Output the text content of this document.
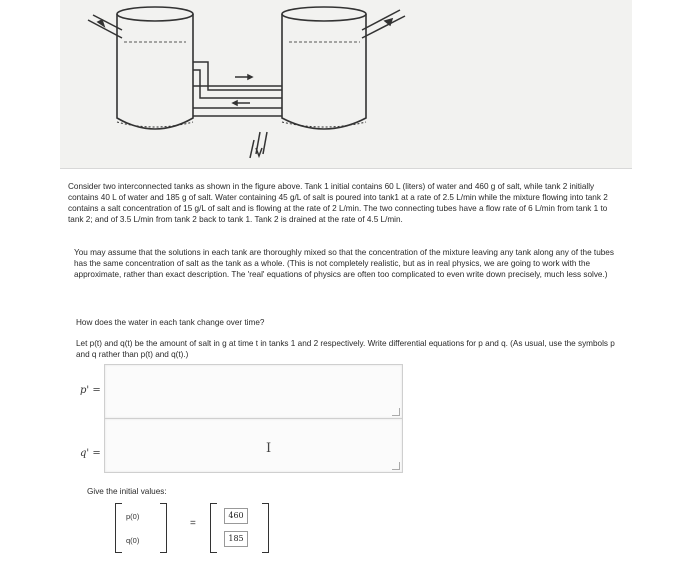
Consider two interconnected tanks as shown in the figure above. Tank 1 initial contains 60 L (liters) of water and 460 g of salt, while tank 2 initially contains 40 L of water and 185 g of salt. Water containing 45 g/L of salt is poured into tank1 at a rate of 2.5 L/min while the mixture flowing into tank 2 contains a salt concentration of 15 g/L of salt and is flowing at the rate of 2 L/min. The two connecting tubes have a flow rate of 6 L/min from tank 1 to tank 2; and of 3.5 L/min from tank 2 back to tank 1. Tank 2 is drained at the rate of 4.5 L/min.

You may assume that the solutions in each tank are thoroughly mixed so that the concentration of the mixture leaving any tank along any of the tubes has the same concentration of salt as the tank as a whole. (This is not completely realistic, but as in real physics, we are going to work with the approximate, rather than exact description. The 'real' equations of physics are often too complicated to even write down precisely, much less solve.)

How does the water in each tank change over time?

Let p(t) and q(t) be the amount of salt in g at time t in tanks 1 and 2 respectively. Write differential equations for p and q. (As usual, use the symbols p and q rather than p(t) and q(t).)

p' =
q' =	I
Give the initial values:
p(0)
q(0)
=
460
185
